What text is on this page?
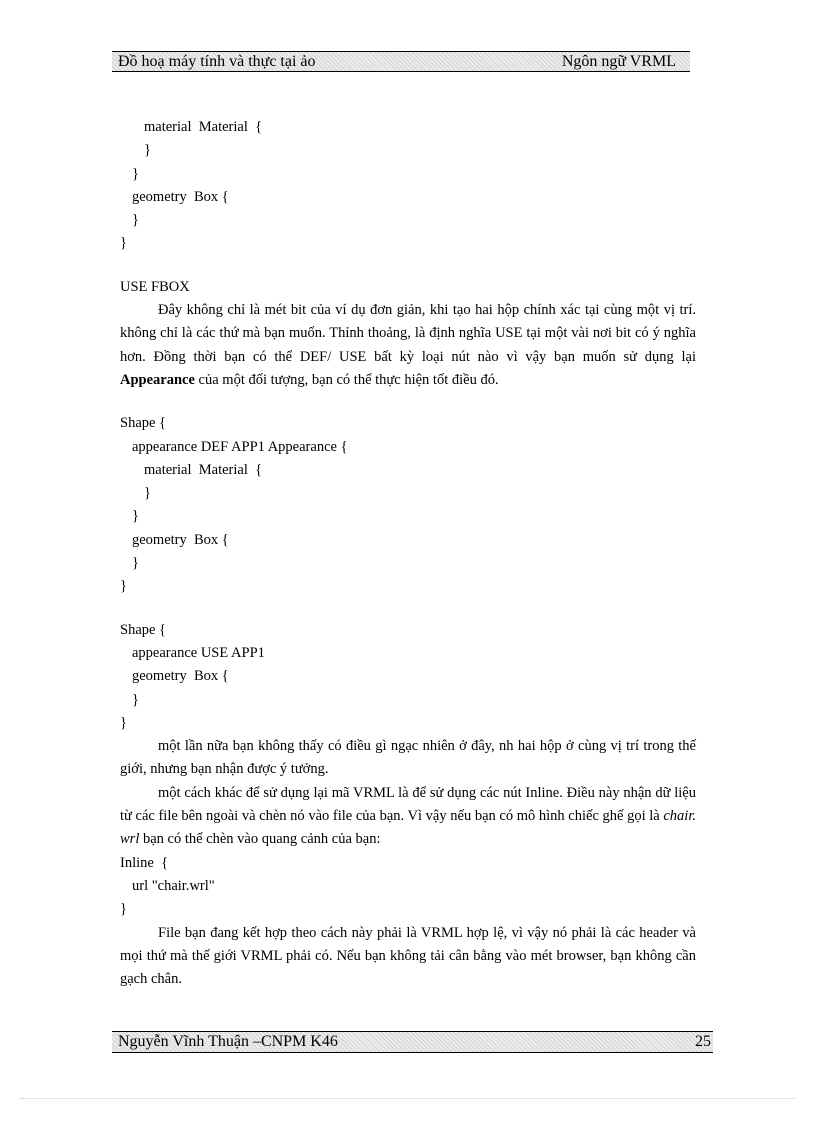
Đồ hoạ máy tính và thực tại ảo	Ngôn ngữ VRML
material  Material  {
}
}
geometry  Box {
}
}
USE FBOX

Đây không chỉ là mét bit của ví dụ đơn giản, khi tạo hai hộp chính xác tại cùng một vị trí. không chỉ là các thứ mà bạn muốn. Thỉnh thoảng, là định nghĩa USE tại một vài nơi bit có ý nghĩa hơn. Đồng thời bạn có thể DEF/ USE bất kỳ loại nút nào vì vậy bạn muốn sử dụng lại Appearance của một đối tượng, bạn có thể thực hiện tốt điều đó.

Shape {
appearance DEF APP1 Appearance {
material  Material  {
}
}
geometry  Box {
}
}
Shape {
appearance USE APP1
geometry  Box {
}
}

một lần nữa bạn không thấy có điều gì ngạc nhiên ở đây, nh hai hộp ở cùng vị trí trong thế giới, nhưng bạn nhận được ý tưởng.

một cách khác để sử dụng lại mã VRML là để sử dụng các nút Inline. Điều này nhận dữ liệu từ các file bên ngoài và chèn nó vào file của bạn. Vì vậy nếu bạn có mô hình chiếc ghế gọi là chair. wrl bạn có thể chèn vào quang cảnh của bạn:

Inline  {
url "chair.wrl"
}

File bạn đang kết hợp theo cách này phải là VRML hợp lệ, vì vậy nó phải là các header và mọi thứ mà thế giới VRML phải có. Nếu bạn không tải cân bằng vào mét browser, bạn không cần gạch chân.

Nguyễn Vĩnh Thuận –CNPM K46	25
